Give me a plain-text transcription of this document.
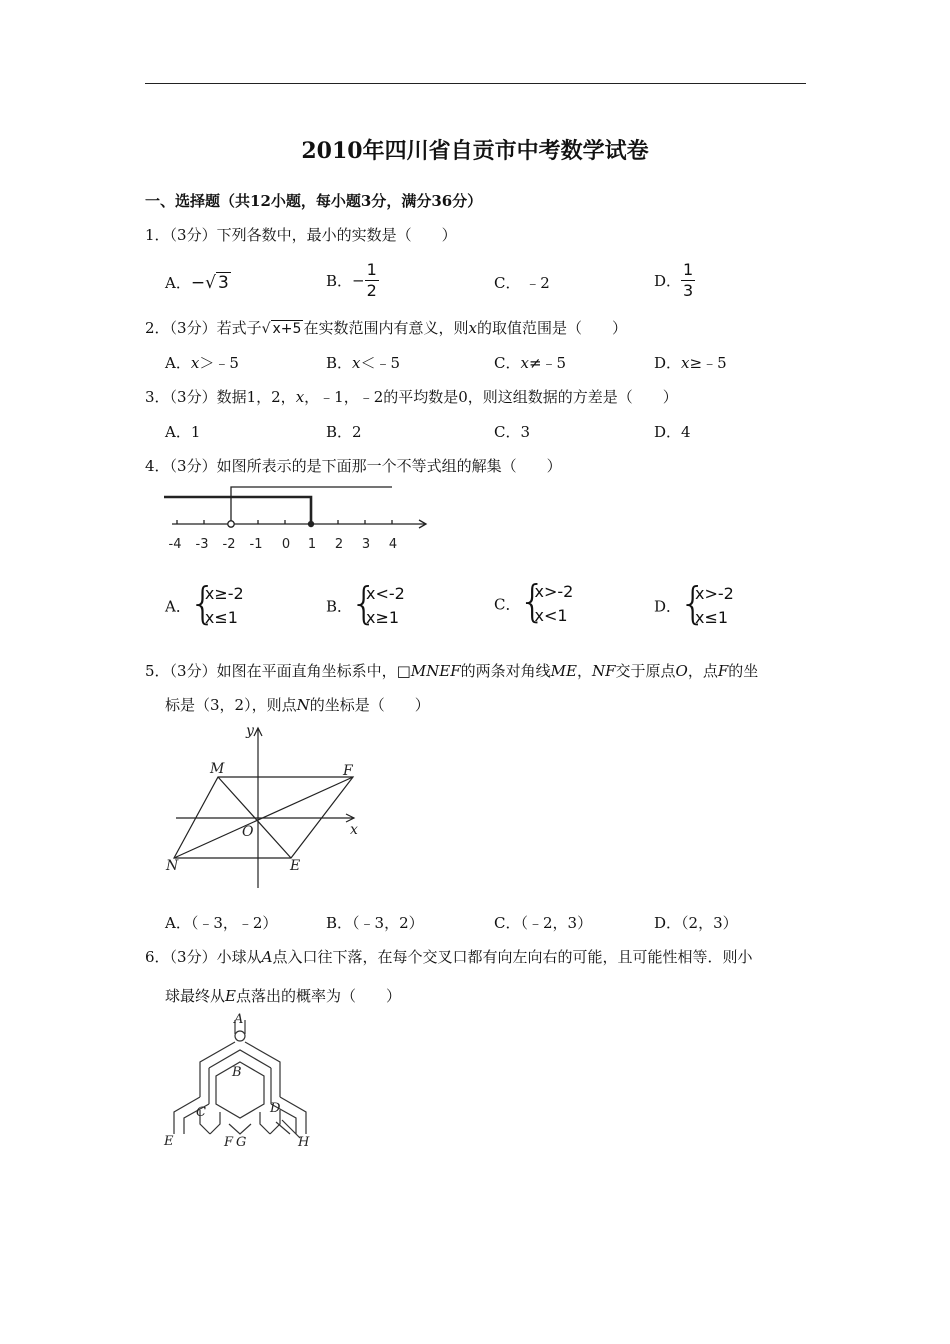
2010年四川省自贡市中考数学试卷
一、选择题（共12小题，每小题3分，满分36分）
1．（3分）下列各数中，最小的实数是（　　）
A．−√ 3	B．− $\frac{1}{2}$	C． ﹣2	D． $\frac{1}{3}$
2．（3分）若式子√ x+5 在实数范围内有意义，则x的取值范围是（　　）
A．x＞﹣5	B．x＜﹣5	C．x≠﹣5	D．x≥﹣5
3．（3分）数据1，2，x，﹣1，﹣2的平均数是0，则这组数据的方差是（　　）
A．1	B．2	C．3	D．4
4．（3分）如图所表示的是下面那一个不等式组的解集（　　）
-4 -3 -2 -1 0 1 2 3 4
A．
{ x≥-2
x≤1
B．
{ x<-2
x≥1
C．
{ x>-2
x<1	D．
{ x>-2
x≤1
5．（3分）如图在平面直角坐标系中，□MNEF的两条对角线ME，NF交于原点O，点F的坐
标是（3，2），则点N的坐标是（　　）
y
x
M	F
O
N	E
A．（﹣3，﹣2）	B．（﹣3，2）	C．（﹣2，3）	D．（2，3）
6．（3分）小球从A点入口往下落，在每个交叉口都有向左向右的可能，且可能性相等．则小
球最终从E点落出的概率为（　　）
A
B
C	D
E	F G	H
